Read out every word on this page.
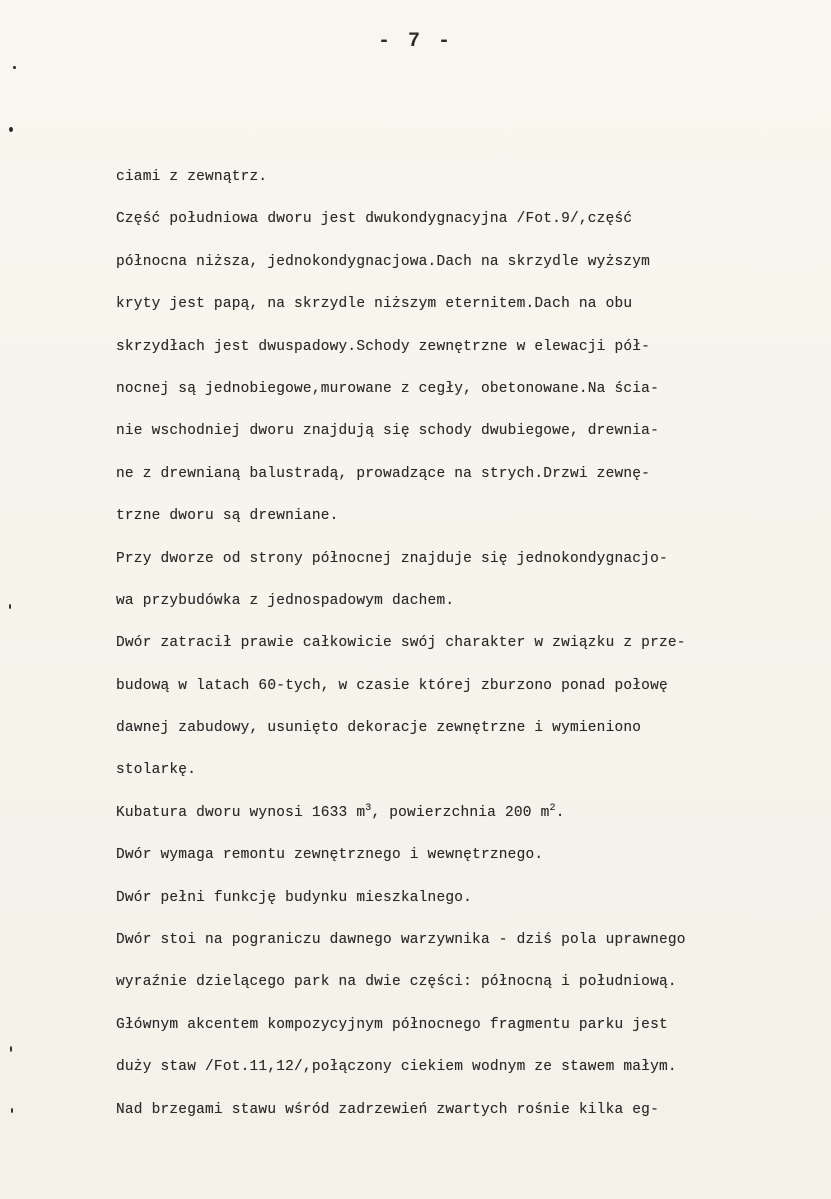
- 7 -
ciami z zewnątrz.
Część południowa dworu jest dwukondygnacyjna /Fot.9/,część
północna niższa, jednokondygnacjowa.Dach na skrzydle wyższym
kryty jest papą, na skrzydle niższym eternitem.Dach na obu
skrzydłach jest dwuspadowy.Schody zewnętrzne w elewacji pół-
nocnej są jednobiegowe,murowane z cegły, obetonowane.Na ścia-
nie wschodniej dworu znajdują się schody dwubiegowe, drewnia-
ne z drewnianą balustradą, prowadzące na strych.Drzwi zewnę-
trzne dworu są drewniane.
Przy dworze od strony północnej znajduje się jednokondygnacjo-
wa przybudówka z jednospadowym dachem.
Dwór zatracił prawie całkowicie swój charakter w związku z prze-
budową w latach 60-tych, w czasie której zburzono ponad połowę
dawnej zabudowy, usunięto dekoracje zewnętrzne i wymieniono
stolarkę.
Kubatura dworu wynosi 1633 $m^3$, powierzchnia 200 $m^2$.
Dwór wymaga remontu zewnętrznego i wewnętrznego.
Dwór pełni funkcję budynku mieszkalnego.
Dwór stoi na pograniczu dawnego warzywnika - dziś pola uprawnego
wyraźnie dzielącego park na dwie części: północną i południową.
Głównym akcentem kompozycyjnym północnego fragmentu parku jest
duży staw /Fot.11,12/,połączony ciekiem wodnym ze stawem małym.
Nad brzegami stawu wśród zadrzewień zwartych rośnie kilka eg-
